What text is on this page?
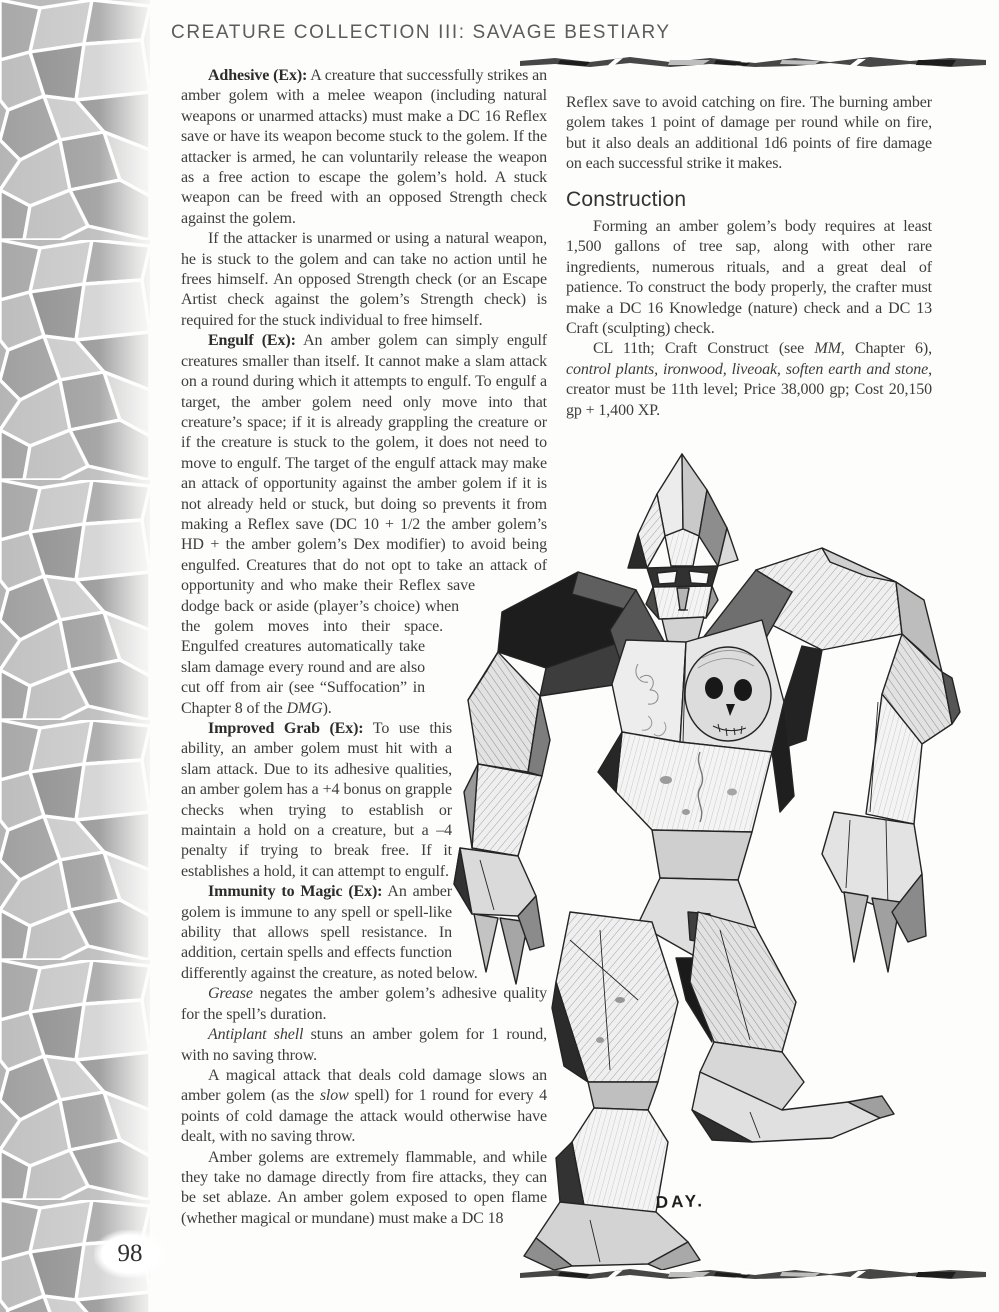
CREATURE COLLECTION III: SAVAGE BESTIARY

Adhesive (Ex): A creature that successfully strikes an amber golem with a melee weapon (including natural weapons or unarmed attacks) must make a DC 16 Reflex save or have its weapon become stuck to the golem. If the attacker is armed, he can voluntarily release the weapon as a free action to escape the golem’s hold. A stuck weapon can be freed with an opposed Strength check against the golem.

If the attacker is unarmed or using a natural weapon, he is stuck to the golem and can take no action until he frees himself. An opposed Strength check (or an Escape Artist check against the golem’s Strength check) is required for the stuck individual to free himself.

Engulf (Ex): An amber golem can simply engulf creatures smaller than itself. It cannot make a slam attack on a round during which it attempts to engulf. To engulf a target, the amber golem need only move into that creature’s space; if it is already grappling the creature or if the creature is stuck to the golem, it does not need to move to engulf. The target of the engulf attack may make an attack of opportunity against the amber golem if it is not already held or stuck, but doing so prevents it from making a Reflex save (DC 10 + 1/2 the amber golem’s HD + the amber golem’s Dex modifier) to avoid being engulfed. Creatures that do not opt to take an attack of opportunity and who make their Reflex save dodge back or aside (player’s choice) when the golem moves into their space. Engulfed creatures automatically take slam damage every round and are also cut off from air (see “Suffocation” in Chapter 8 of the DMG).

Improved Grab (Ex): To use this ability, an amber golem must hit with a slam attack. Due to its adhesive qualities, an amber golem has a +4 bonus on grapple checks when trying to establish or maintain a hold on a creature, but a –4 penalty if trying to break free. If it establishes a hold, it can attempt to engulf.

Immunity to Magic (Ex): An amber golem is immune to any spell or spell-like ability that allows spell resistance. In addition, certain spells and effects function differently against the creature, as noted below.

Grease negates the amber golem’s adhesive quality for the spell’s duration.

Antiplant shell stuns an amber golem for 1 round, with no saving throw.

A magical attack that deals cold damage slows an amber golem (as the slow spell) for 1 round for every 4 points of cold damage the attack would otherwise have dealt, with no saving throw.

Amber golems are extremely flammable, and while they take no damage directly from fire attacks, they can be set ablaze. An amber golem exposed to open flame (whether magical or mundane) must make a DC 18

Reflex save to avoid catching on fire. The burning amber golem takes 1 point of damage per round while on fire, but it also deals an additional 1d6 points of fire damage on each successful strike it makes.

Construction

Forming an amber golem’s body requires at least 1,500 gallons of tree sap, along with other rare ingredients, numerous rituals, and a great deal of patience. To construct the body properly, the crafter must make a DC 16 Knowledge (nature) check and a DC 13 Craft (sculpting) check.

CL 11th; Craft Construct (see MM, Chapter 6), control plants, ironwood, liveoak, soften earth and stone, creator must be 11th level; Price 38,000 gp; Cost 20,150 gp + 1,400 XP.

DAY.
98
